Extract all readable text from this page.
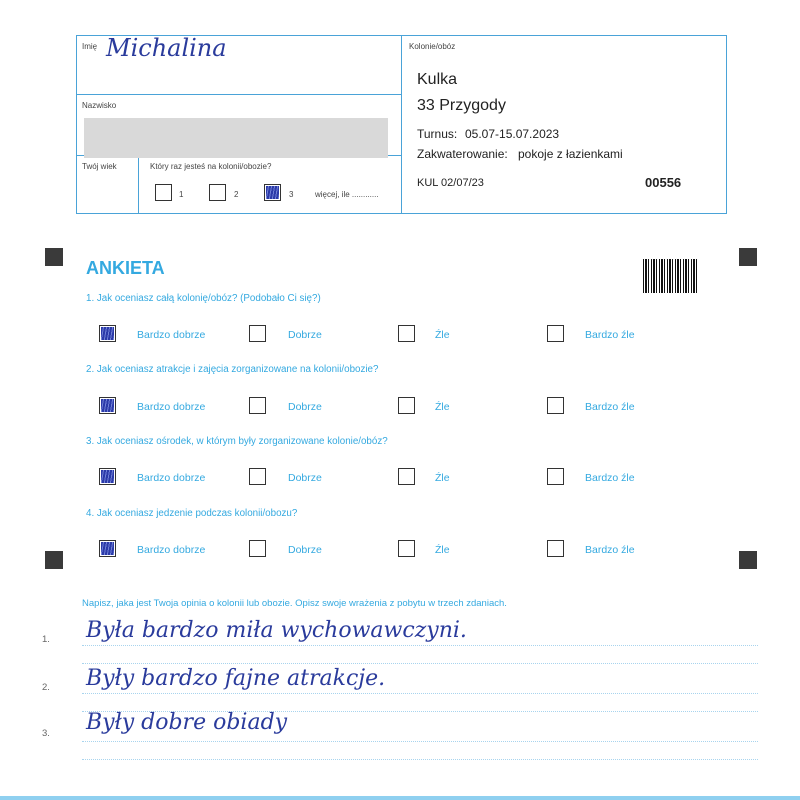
Imię Michalina
Nazwisko
Twój wiek	Który raz jesteś na kolonii/obozie?
1	2	3	więcej, ile ............
Kolonie/obóz
Kulka
33 Przygody
Turnus: 05.07-15.07.2023
Zakwaterowanie: pokoje z łazienkami
KUL 02/07/23	00556
ANKIETA
1. Jak oceniasz całą kolonię/obóz? (Podobało Ci się?)
Bardzo dobrze	Dobrze	Źle	Bardzo źle
2. Jak oceniasz atrakcje i zajęcia zorganizowane na kolonii/obozie?
Bardzo dobrze	Dobrze	Źle	Bardzo źle
3. Jak oceniasz ośrodek, w którym były zorganizowane kolonie/obóz?
Bardzo dobrze	Dobrze	Źle	Bardzo źle
4. Jak oceniasz jedzenie podczas kolonii/obozu?
Bardzo dobrze	Dobrze	Źle	Bardzo źle
Napisz, jaka jest Twoja opinia o kolonii lub obozie. Opisz swoje wrażenia z pobytu w trzech zdaniach.
1. Była bardzo miła wychowawczyni.
2. Były bardzo fajne atrakcje.
3. Były dobre obiady
